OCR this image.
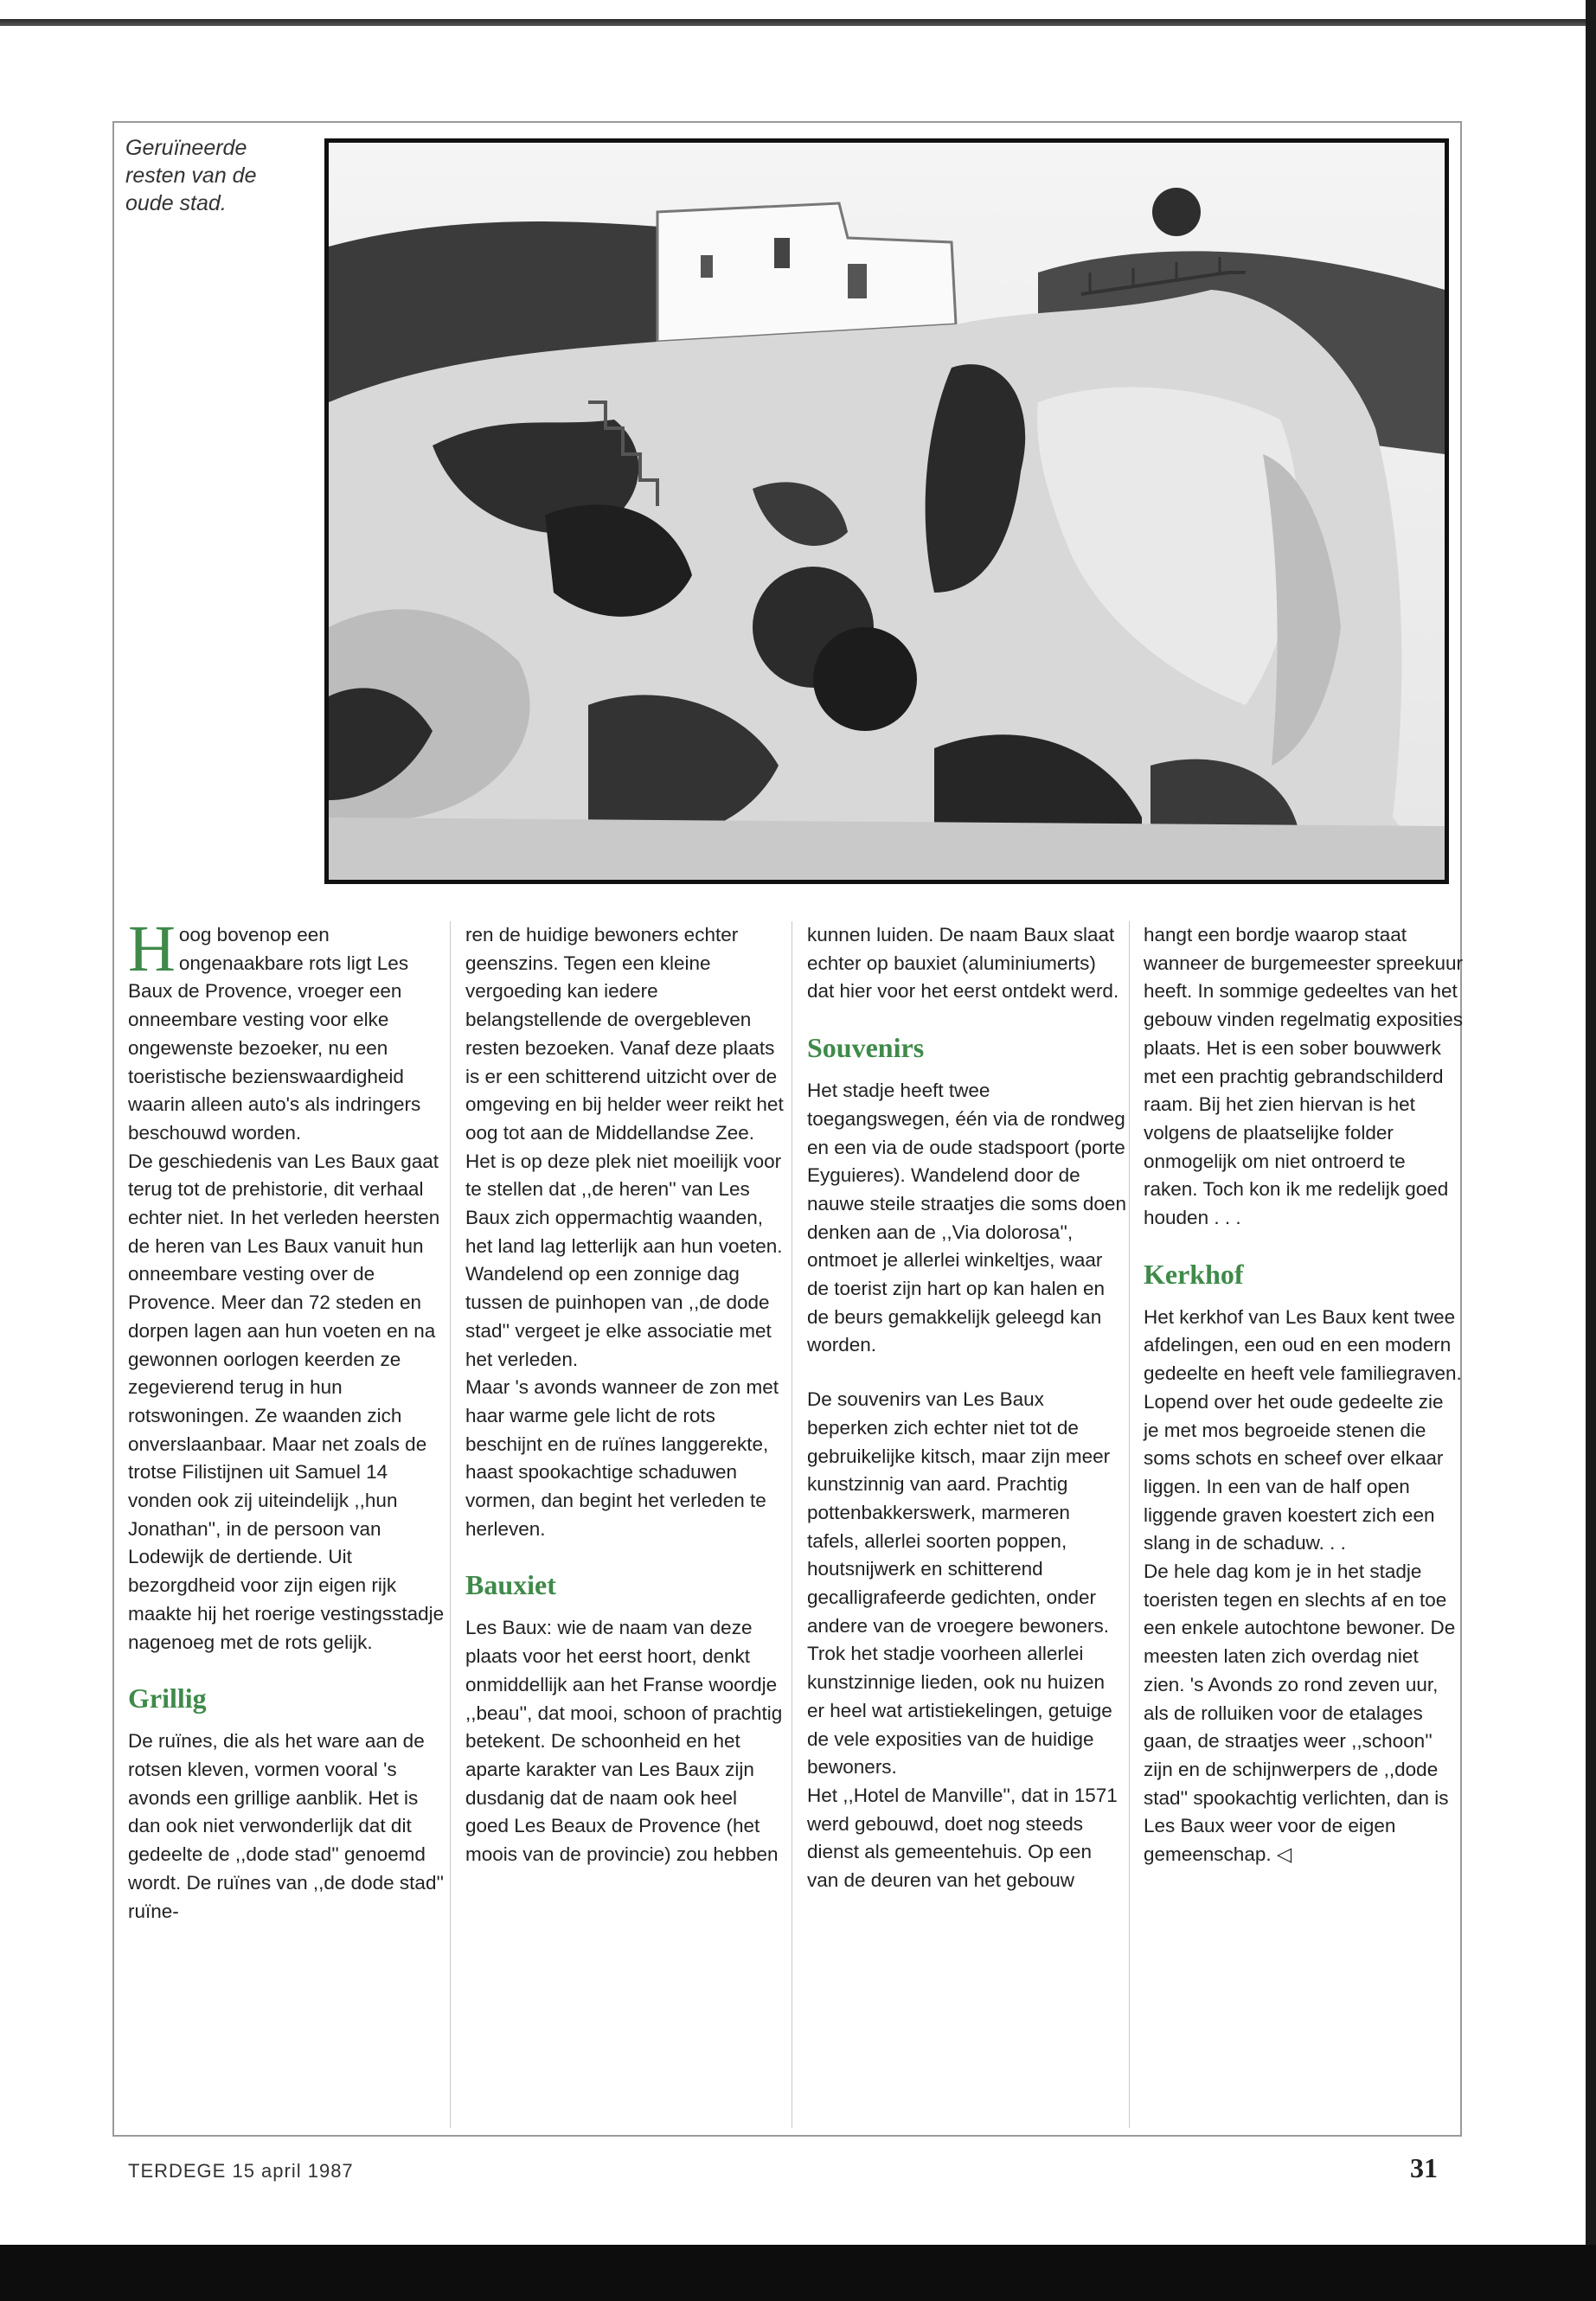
Geruïneerde resten van de oude stad.
H oog bovenop een ongenaakbare rots ligt Les Baux de Provence, vroeger een onneembare vesting voor elke ongewenste bezoeker, nu een toeristische bezienswaardigheid waarin alleen auto's als indringers beschouwd worden.

De geschiedenis van Les Baux gaat terug tot de prehistorie, dit verhaal echter niet. In het verleden heersten de heren van Les Baux vanuit hun onneembare vesting over de Provence. Meer dan 72 steden en dorpen lagen aan hun voeten en na gewonnen oorlogen keerden ze zegevierend terug in hun rotswoningen. Ze waanden zich onverslaanbaar. Maar net zoals de trotse Filistijnen uit Samuel 14 vonden ook zij uiteindelijk ,,hun Jonathan'', in de persoon van Lodewijk de dertiende. Uit bezorgdheid voor zijn eigen rijk maakte hij het roerige vestingsstadje nagenoeg met de rots gelijk.

Grillig

De ruïnes, die als het ware aan de rotsen kleven, vormen vooral 's avonds een grillige aanblik. Het is dan ook niet verwonderlijk dat dit gedeelte de ,,dode stad'' genoemd wordt. De ruïnes van ,,de dode stad'' ruïne-

ren de huidige bewoners echter geenszins. Tegen een kleine vergoeding kan iedere belangstellende de overgebleven resten bezoeken. Vanaf deze plaats is er een schitterend uitzicht over de omgeving en bij helder weer reikt het oog tot aan de Middellandse Zee. Het is op deze plek niet moeilijk voor te stellen dat ,,de heren'' van Les Baux zich oppermachtig waanden, het land lag letterlijk aan hun voeten. Wandelend op een zonnige dag tussen de puinhopen van ,,de dode stad'' vergeet je elke associatie met het verleden.

Maar 's avonds wanneer de zon met haar warme gele licht de rots beschijnt en de ruïnes langgerekte, haast spookachtige schaduwen vormen, dan begint het verleden te herleven.

Bauxiet

Les Baux: wie de naam van deze plaats voor het eerst hoort, denkt onmiddellijk aan het Franse woordje ,,beau'', dat mooi, schoon of prachtig betekent. De schoonheid en het aparte karakter van Les Baux zijn dusdanig dat de naam ook heel goed Les Beaux de Provence (het moois van de provincie) zou hebben

kunnen luiden. De naam Baux slaat echter op bauxiet (aluminiumerts) dat hier voor het eerst ontdekt werd.

Souvenirs

Het stadje heeft twee toegangswegen, één via de rondweg en een via de oude stadspoort (porte Eyguieres). Wandelend door de nauwe steile straatjes die soms doen denken aan de ,,Via dolorosa'', ontmoet je allerlei winkeltjes, waar de toerist zijn hart op kan halen en de beurs gemakkelijk geleegd kan worden.

De souvenirs van Les Baux beperken zich echter niet tot de gebruikelijke kitsch, maar zijn meer kunstzinnig van aard. Prachtig pottenbakkerswerk, marmeren tafels, allerlei soorten poppen, houtsnijwerk en schitterend gecalligrafeerde gedichten, onder andere van de vroegere bewoners. Trok het stadje voorheen allerlei kunstzinnige lieden, ook nu huizen er heel wat artistiekelingen, getuige de vele exposities van de huidige bewoners.

Het ,,Hotel de Manville'', dat in 1571 werd gebouwd, doet nog steeds dienst als gemeentehuis. Op een van de deuren van het gebouw

hangt een bordje waarop staat wanneer de burgemeester spreekuur heeft. In sommige gedeeltes van het gebouw vinden regelmatig exposities plaats. Het is een sober bouwwerk met een prachtig gebrandschilderd raam. Bij het zien hiervan is het volgens de plaatselijke folder onmogelijk om niet ontroerd te raken. Toch kon ik me redelijk goed houden . . .

Kerkhof

Het kerkhof van Les Baux kent twee afdelingen, een oud en een modern gedeelte en heeft vele familiegraven. Lopend over het oude gedeelte zie je met mos begroeide stenen die soms schots en scheef over elkaar liggen. In een van de half open liggende graven koestert zich een slang in de schaduw. . .

De hele dag kom je in het stadje toeristen tegen en slechts af en toe een enkele autochtone bewoner. De meesten laten zich overdag niet zien. 's Avonds zo rond zeven uur, als de rolluiken voor de etalages gaan, de straatjes weer ,,schoon'' zijn en de schijnwerpers de ,,dode stad'' spookachtig verlichten, dan is Les Baux weer voor de eigen gemeenschap. ◁

TERDEGE 15 april 1987	31
